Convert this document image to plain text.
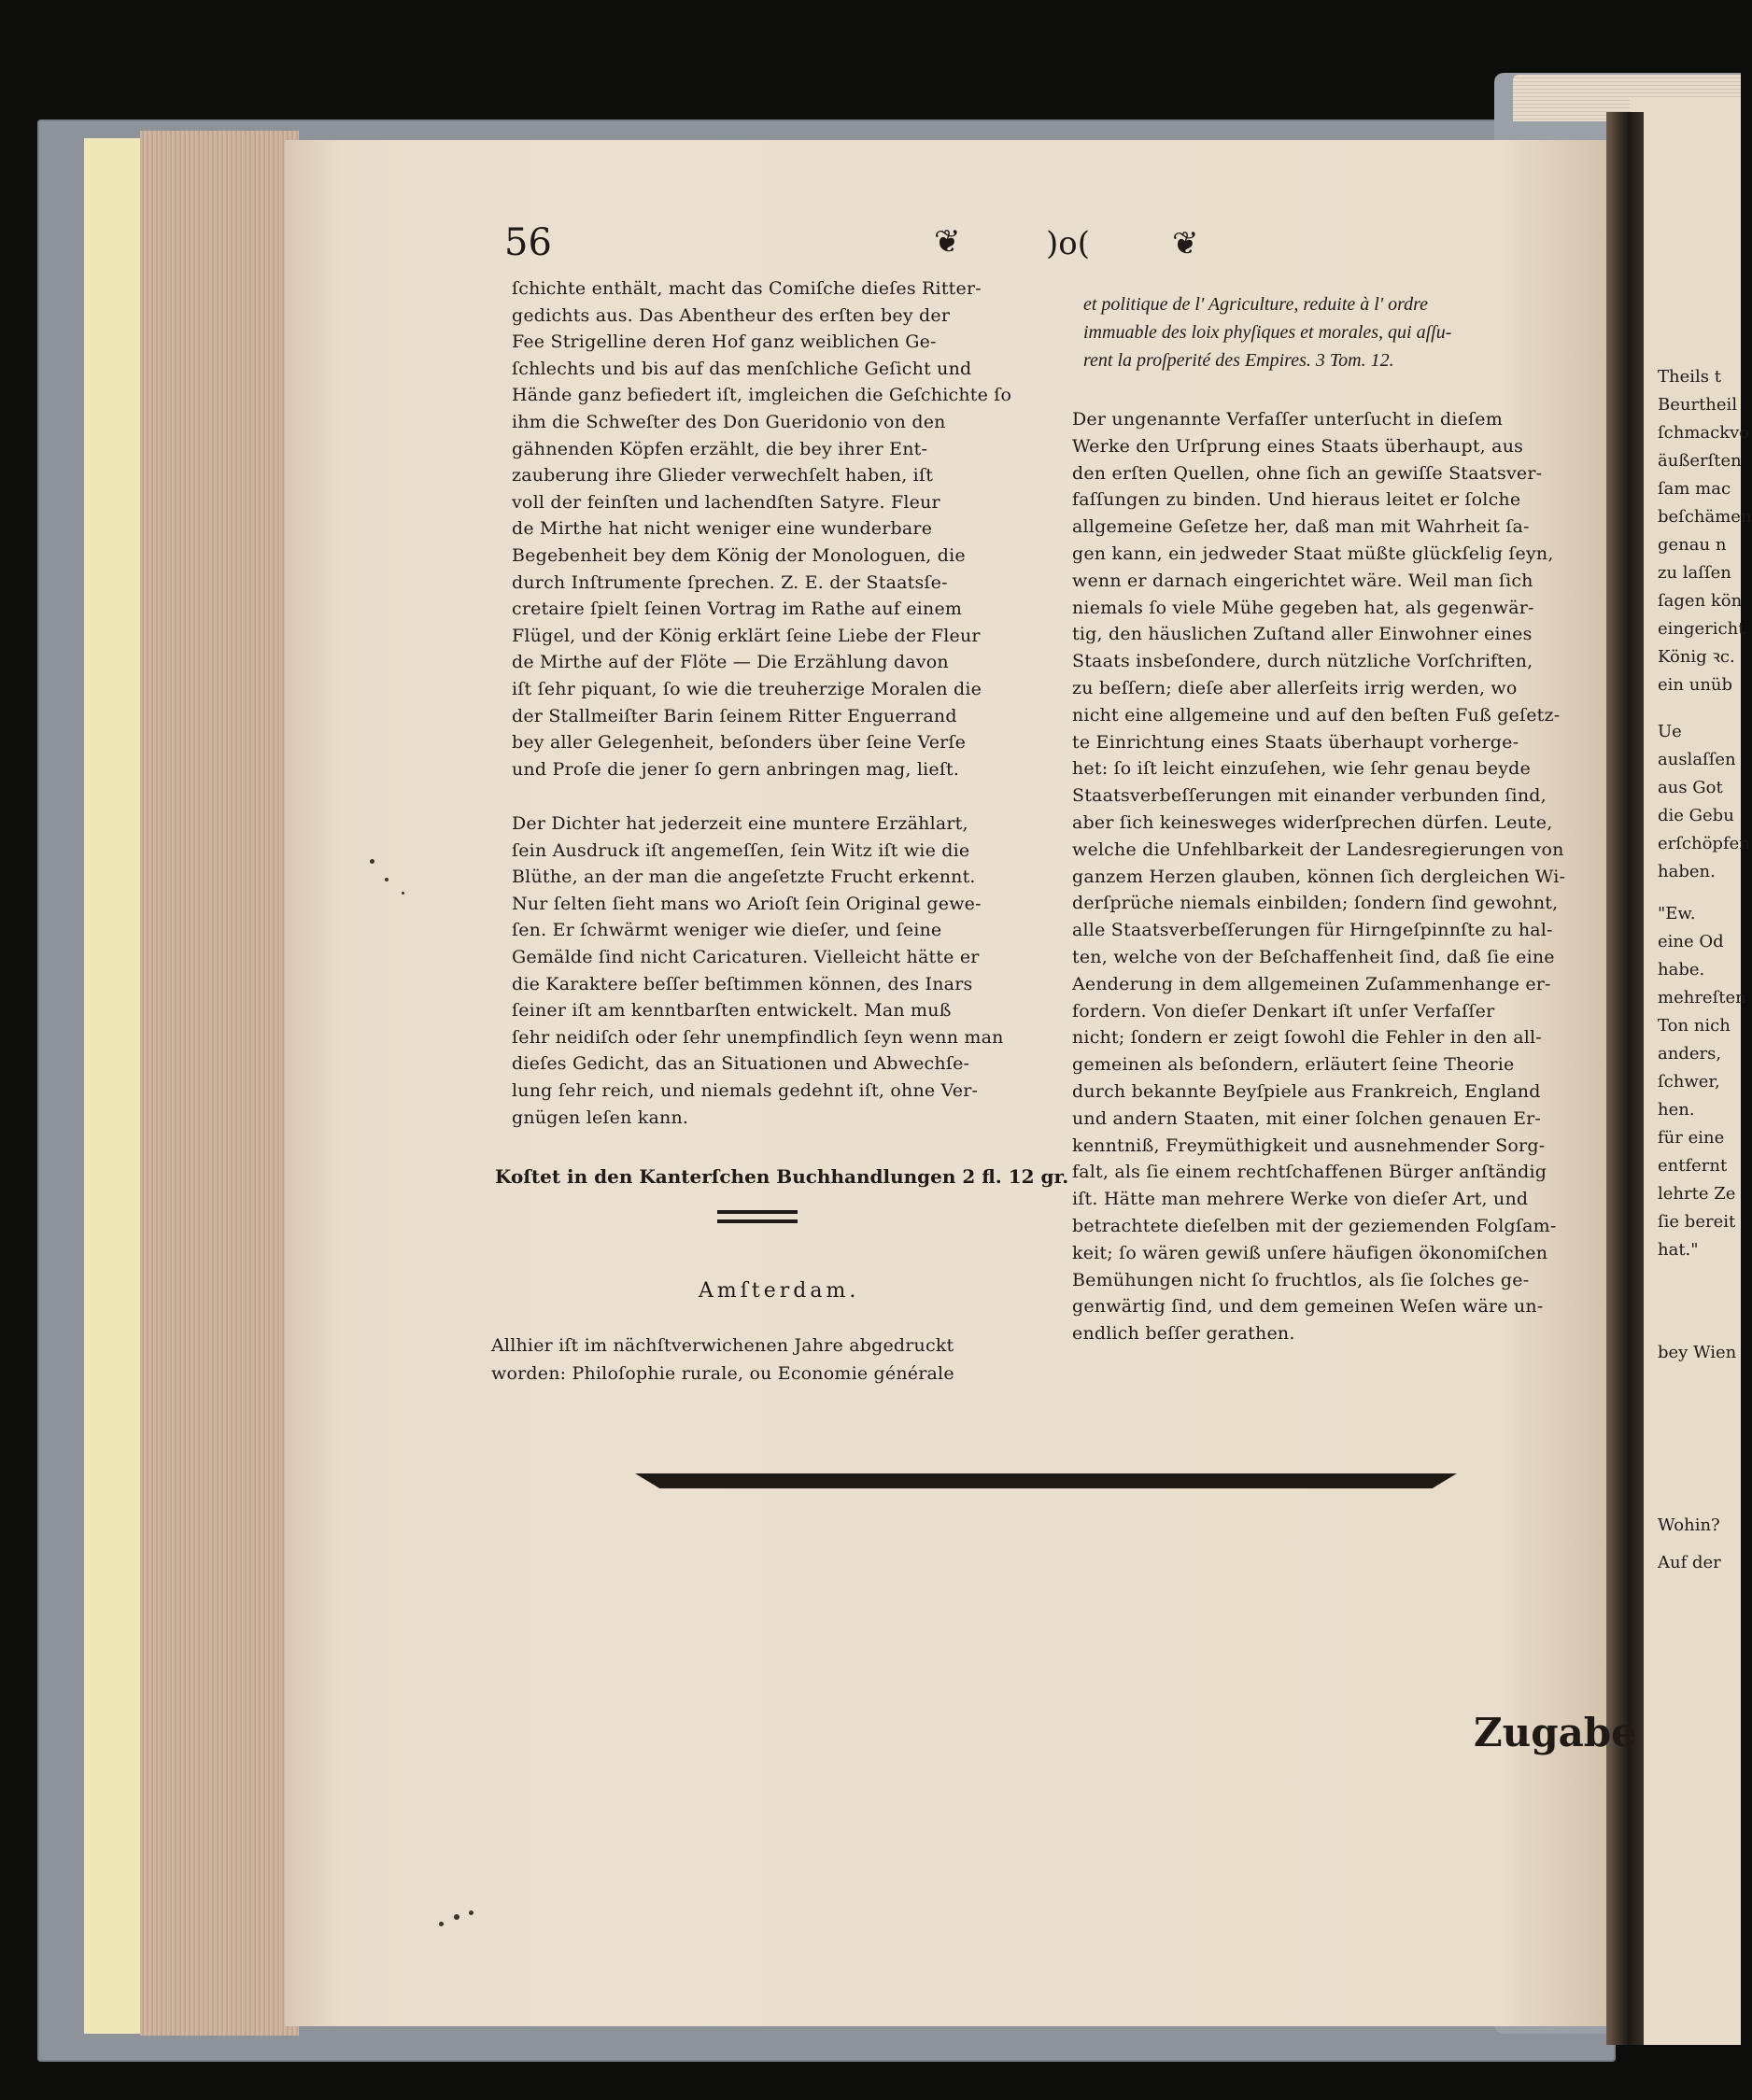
56	❦	)o(	❦
ſchichte enthält, macht das Comiſche dieſes Ritter-
gedichts aus. Das Abentheur des erſten bey der
Fee Strigelline deren Hof ganz weiblichen Ge-
ſchlechts und bis auf das menſchliche Geſicht und
Hände ganz befiedert iſt, imgleichen die Geſchichte ſo
ihm die Schweſter des Don Gueridonio von den
gähnenden Köpfen erzählt, die bey ihrer Ent-
zauberung ihre Glieder verwechſelt haben, iſt
voll der feinſten und lachendſten Satyre. Fleur
de Mirthe hat nicht weniger eine wunderbare
Begebenheit bey dem König der Monologuen, die
durch Inſtrumente ſprechen. Z. E. der Staatsſe-
cretaire ſpielt ſeinen Vortrag im Rathe auf einem
Flügel, und der König erklärt ſeine Liebe der Fleur
de Mirthe auf der Flöte — Die Erzählung davon
iſt ſehr piquant, ſo wie die treuherzige Moralen die
der Stallmeiſter Barin ſeinem Ritter Enguerrand
bey aller Gelegenheit, beſonders über ſeine Verſe
und Proſe die jener ſo gern anbringen mag, lieſt.
Der Dichter hat jederzeit eine muntere Erzählart,
ſein Ausdruck iſt angemeſſen, ſein Witz iſt wie die
Blüthe, an der man die angeſetzte Frucht erkennt.
Nur ſelten ſieht mans wo Arioſt ſein Original gewe-
ſen. Er ſchwärmt weniger wie dieſer, und ſeine
Gemälde ſind nicht Caricaturen. Vielleicht hätte er
die Karaktere beſſer beſtimmen können, des Inars
ſeiner iſt am kenntbarſten entwickelt. Man muß
ſehr neidiſch oder ſehr unempfindlich ſeyn wenn man
dieſes Gedicht, das an Situationen und Abwechſe-
lung ſehr reich, und niemals gedehnt iſt, ohne Ver-
gnügen leſen kann.
Koſtet in den Kanterſchen Buchhandlungen 2 fl. 12 gr.
Amſterdam.
Allhier iſt im nächſtverwichenen Jahre abgedruckt
worden: Philoſophie rurale, ou Economie générale
et politique de l' Agriculture, reduite à l' ordre
immuable des loix phyſiques et morales, qui aſſu-
rent la proſperité des Empires. 3 Tom. 12.
Der ungenannte Verfaſſer unterſucht in dieſem
Werke den Urſprung eines Staats überhaupt, aus
den erſten Quellen, ohne ſich an gewiſſe Staatsver-
faſſungen zu binden. Und hieraus leitet er ſolche
allgemeine Geſetze her, daß man mit Wahrheit ſa-
gen kann, ein jedweder Staat müßte glückſelig ſeyn,
wenn er darnach eingerichtet wäre. Weil man ſich
niemals ſo viele Mühe gegeben hat, als gegenwär-
tig, den häuslichen Zuſtand aller Einwohner eines
Staats insbeſondere, durch nützliche Vorſchriften,
zu beſſern; dieſe aber allerſeits irrig werden, wo
nicht eine allgemeine und auf den beſten Fuß geſetz-
te Einrichtung eines Staats überhaupt vorherge-
het: ſo iſt leicht einzuſehen, wie ſehr genau beyde
Staatsverbeſſerungen mit einander verbunden ſind,
aber ſich keinesweges widerſprechen dürfen. Leute,
welche die Unfehlbarkeit der Landesregierungen von
ganzem Herzen glauben, können ſich dergleichen Wi-
derſprüche niemals einbilden; ſondern ſind gewohnt,
alle Staatsverbeſſerungen für Hirngeſpinnſte zu hal-
ten, welche von der Beſchaffenheit ſind, daß ſie eine
Aenderung in dem allgemeinen Zuſammenhange er-
fordern. Von dieſer Denkart iſt unſer Verfaſſer
nicht; ſondern er zeigt ſowohl die Fehler in den all-
gemeinen als beſondern, erläutert ſeine Theorie
durch bekannte Beyſpiele aus Frankreich, England
und andern Staaten, mit einer ſolchen genauen Er-
kenntniß, Freymüthigkeit und ausnehmender Sorg-
falt, als ſie einem rechtſchaffenen Bürger anſtändig
iſt. Hätte man mehrere Werke von dieſer Art, und
betrachtete dieſelben mit der geziemenden Folgſam-
keit; ſo wären gewiß unſere häufigen ökonomiſchen
Bemühungen nicht ſo fruchtlos, als ſie ſolches ge-
genwärtig ſind, und dem gemeinen Weſen wäre un-
endlich beſſer gerathen.
Zugabe
Theils t
Beurtheil
ſchmackvo
äußerſten
ſam mac
beſchämen
genau n
zu laſſen
ſagen kön
eingericht
König ꝛc.
ein unüb
Ue
auslaſſen
aus Got
die Gebu
erſchöpfen
haben.
"Ew.
eine Od
habe.
mehreſten
Ton nich
anders,
ſchwer,
hen.
für eine
entfernt
lehrte Ze
ſie bereit
hat."
bey Wien
Wohin?
Auf der
